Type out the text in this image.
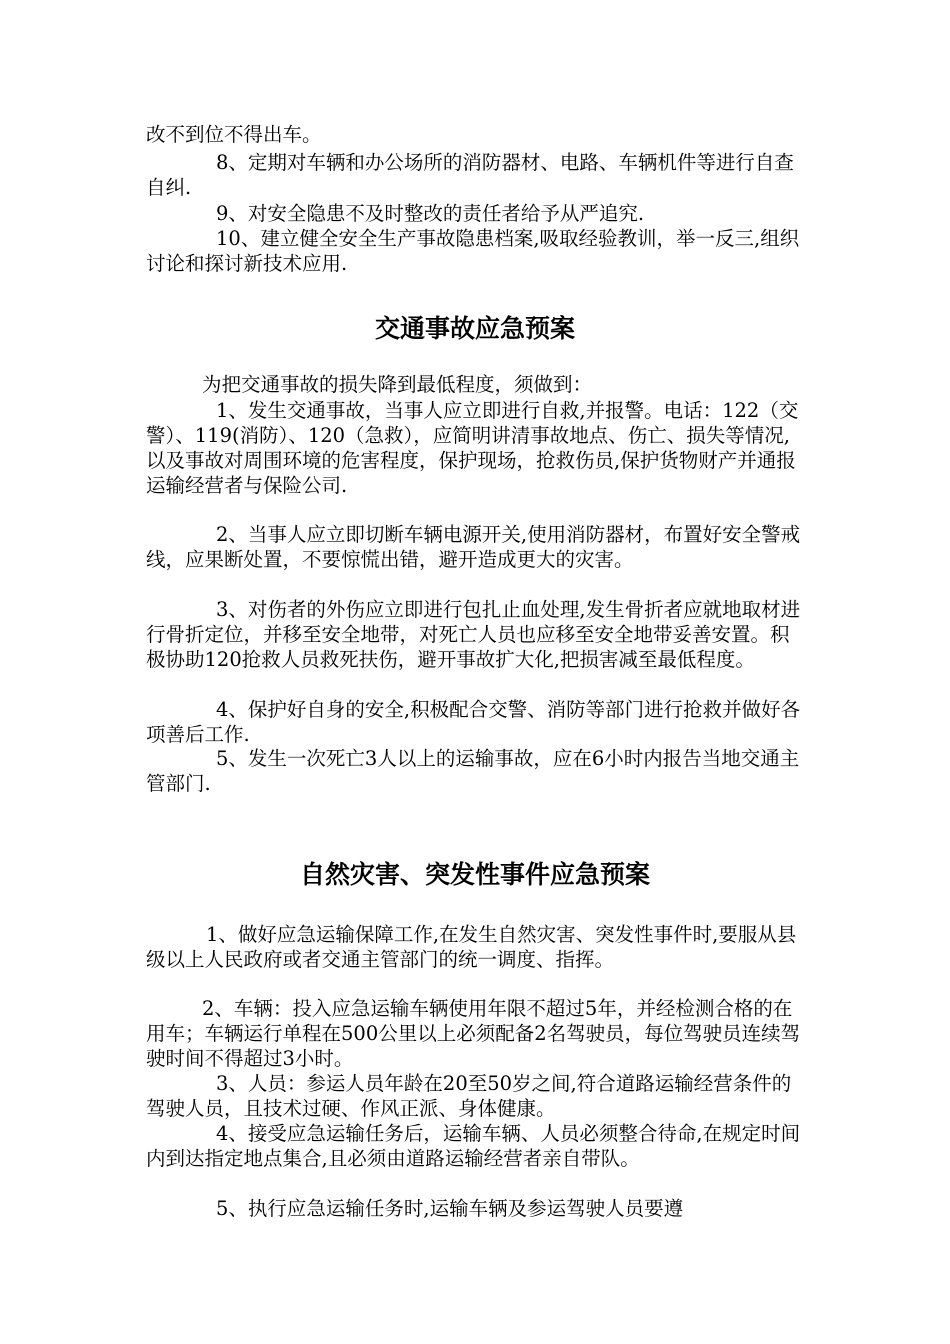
改不到位不得出车。

8、定期对车辆和办公场所的消防器材、电路、车辆机件等进行自查自纠.

9、对安全隐患不及时整改的责任者给予从严追究.

10、建立健全安全生产事故隐患档案,吸取经验教训，举一反三,组织讨论和探讨新技术应用.

交通事故应急预案

为把交通事故的损失降到最低程度，须做到：

1、发生交通事故，当事人应立即进行自救,并报警。电话：122（交警）、119(消防）、120（急救），应简明讲清事故地点、伤亡、损失等情况,以及事故对周围环境的危害程度，保护现场，抢救伤员,保护货物财产并通报运输经营者与保险公司.

2、当事人应立即切断车辆电源开关,使用消防器材，布置好安全警戒线，应果断处置，不要惊慌出错，避开造成更大的灾害。

3、对伤者的外伤应立即进行包扎止血处理,发生骨折者应就地取材进行骨折定位，并移至安全地带，对死亡人员也应移至安全地带妥善安置。积极协助120抢救人员救死扶伤，避开事故扩大化,把损害减至最低程度。

4、保护好自身的安全,积极配合交警、消防等部门进行抢救并做好各项善后工作.

5、发生一次死亡3人以上的运输事故，应在6小时内报告当地交通主管部门.

自然灾害、突发性事件应急预案

1、做好应急运输保障工作,在发生自然灾害、突发性事件时,要服从县级以上人民政府或者交通主管部门的统一调度、指挥。

2、车辆：投入应急运输车辆使用年限不超过5年，并经检测合格的在用车；车辆运行单程在500公里以上必须配备2名驾驶员，每位驾驶员连续驾驶时间不得超过3小时。

3、人员：参运人员年龄在20至50岁之间,符合道路运输经营条件的驾驶人员，且技术过硬、作风正派、身体健康。

4、接受应急运输任务后，运输车辆、人员必须整合待命,在规定时间内到达指定地点集合,且必须由道路运输经营者亲自带队。

5、执行应急运输任务时,运输车辆及参运驾驶人员要遵
